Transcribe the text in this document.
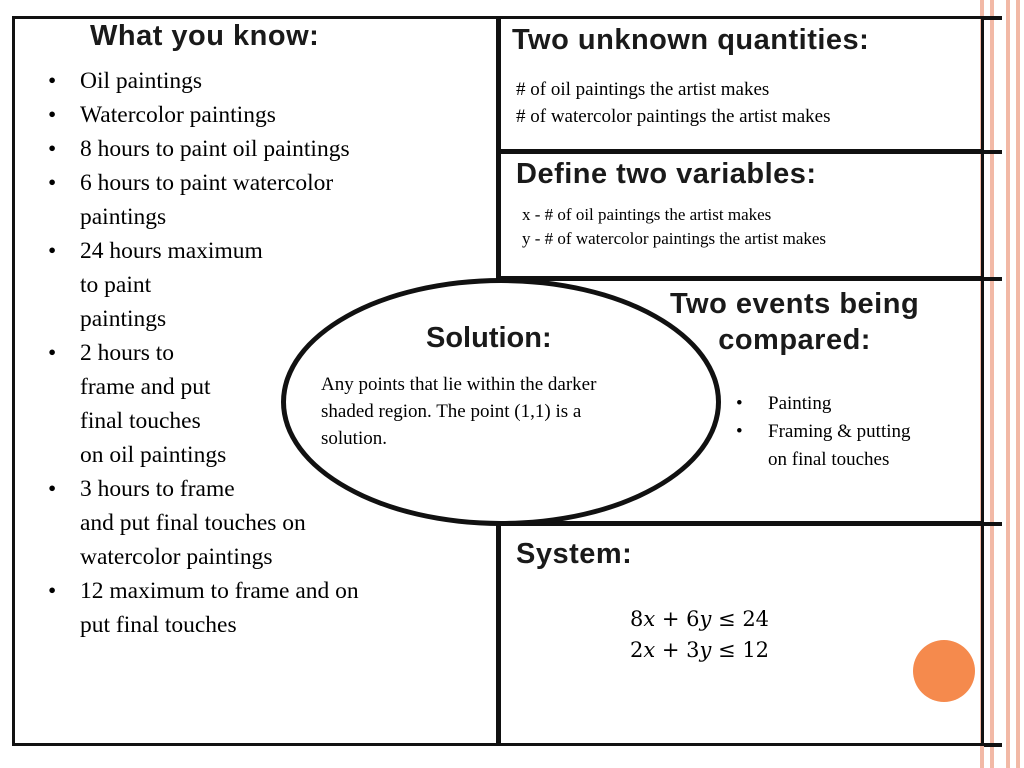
What you know:
• Oil paintings
• Watercolor paintings
• 8 hours to paint oil paintings
• 6 hours to paint watercolor
paintings
• 24 hours maximum
to paint
paintings
• 2 hours to
frame and put
final touches
on oil paintings
• 3 hours to frame
and put final touches on
watercolor paintings
• 12 maximum to frame and on
put final touches
Two unknown quantities:
# of oil paintings the artist makes
# of watercolor paintings the artist makes
Define two variables:
x - # of oil paintings the artist makes
y - # of watercolor paintings the artist makes
Two events being
compared:
• Painting
• Framing & putting
on final touches
Solution:
Any points that lie within the darker
shaded region. The point (1,1) is a
solution.
System:
8𝑥 + 6𝑦 ≤ 24
2𝑥 + 3𝑦 ≤ 12
